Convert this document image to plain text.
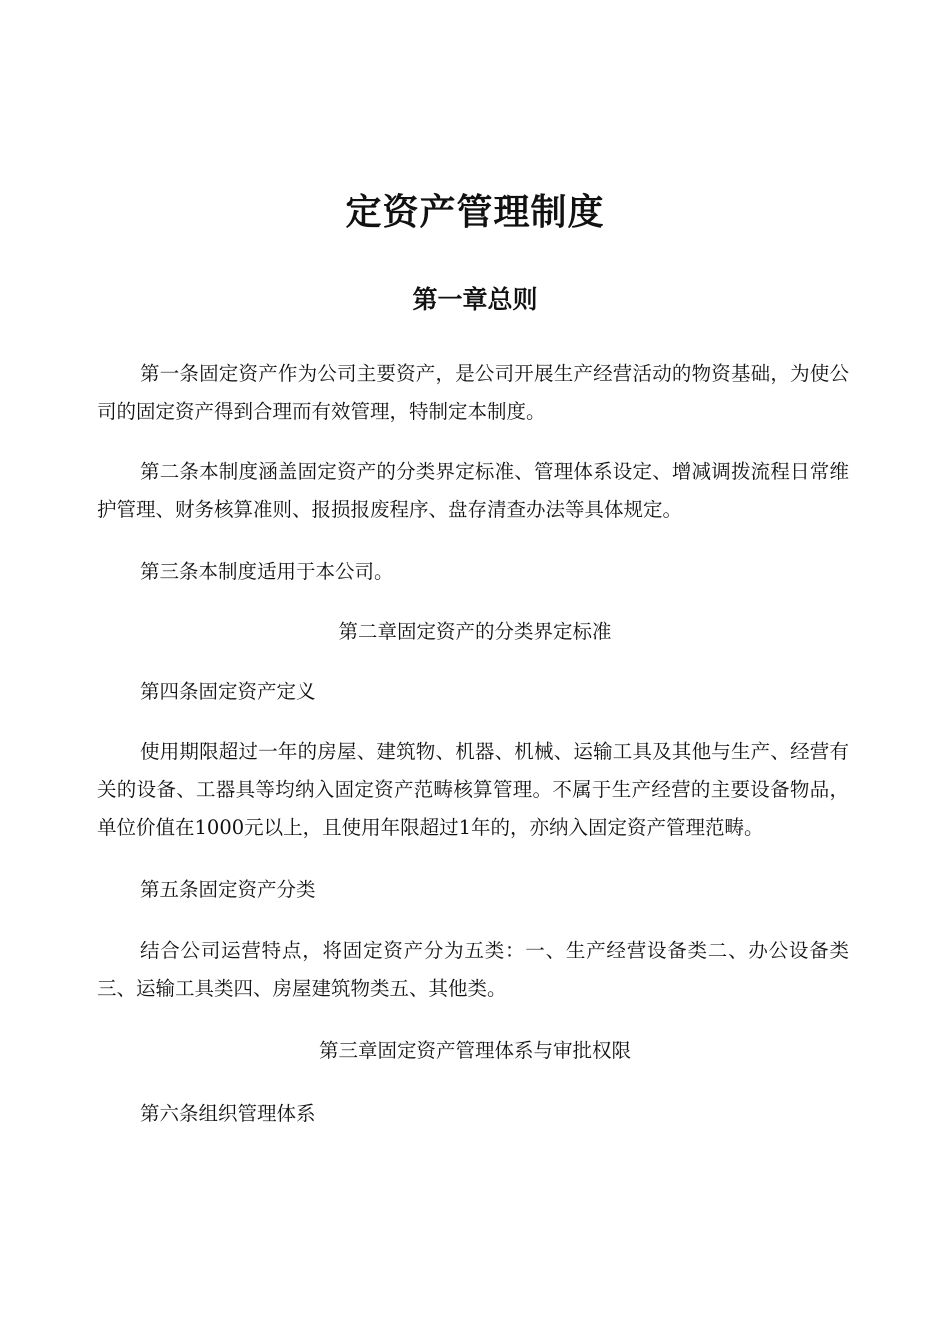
定资产管理制度
第一章总则

第一条固定资产作为公司主要资产，是公司开展生产经营活动的物资基础，为使公司的固定资产得到合理而有效管理，特制定本制度。

第二条本制度涵盖固定资产的分类界定标准、管理体系设定、增减调拨流程日常维护管理、财务核算准则、报损报废程序、盘存清查办法等具体规定。

第三条本制度适用于本公司。

第二章固定资产的分类界定标准

第四条固定资产定义

使用期限超过一年的房屋、建筑物、机器、机械、运输工具及其他与生产、经营有关的设备、工器具等均纳入固定资产范畴核算管理。不属于生产经营的主要设备物品，单位价值在1000元以上，且使用年限超过1年的，亦纳入固定资产管理范畴。

第五条固定资产分类

结合公司运营特点，将固定资产分为五类：一、生产经营设备类二、办公设备类三、运输工具类四、房屋建筑物类五、其他类。

第三章固定资产管理体系与审批权限

第六条组织管理体系
